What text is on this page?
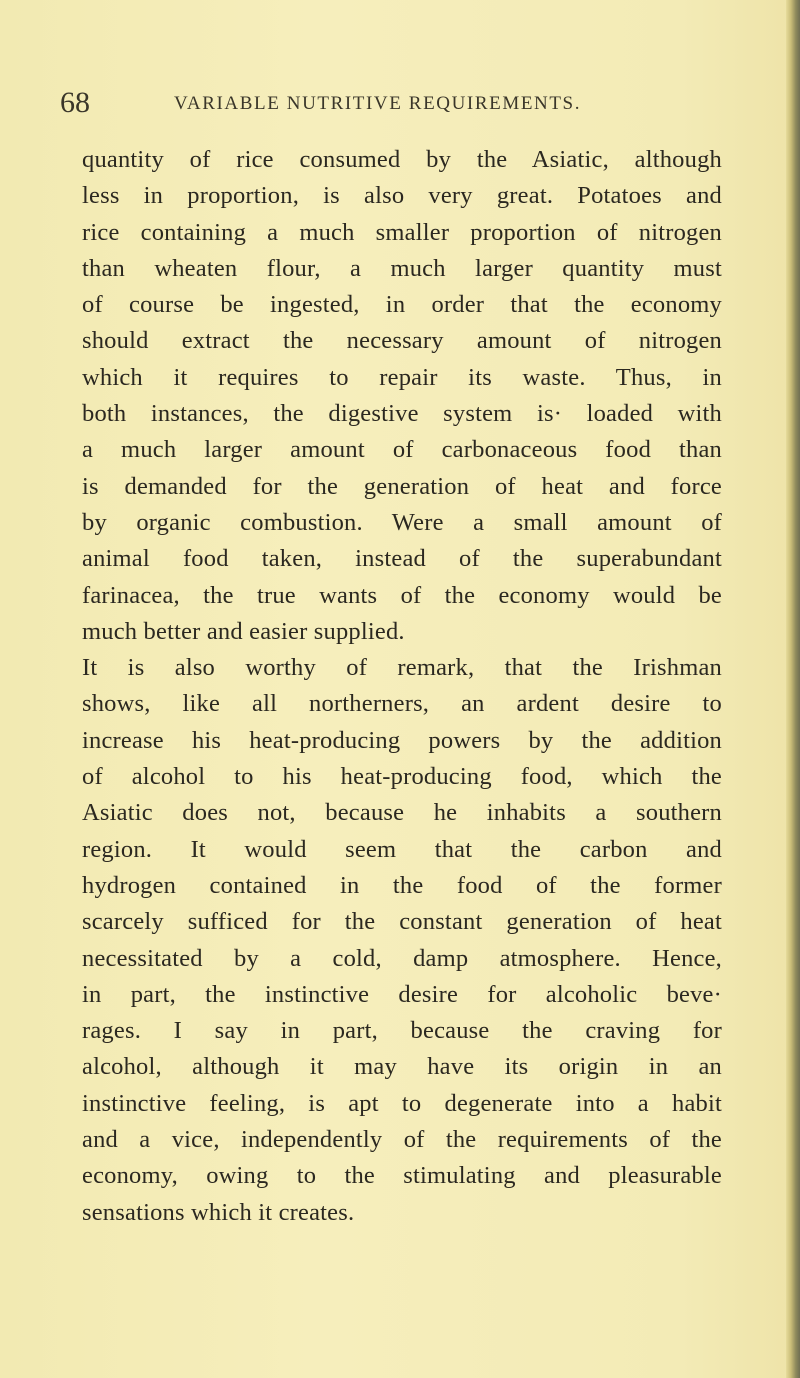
68	VARIABLE NUTRITIVE REQUIREMENTS.
quantity of rice consumed by the Asiatic, although
less in proportion, is also very great. Potatoes and
rice containing a much smaller proportion of nitrogen
than wheaten flour, a much larger quantity must
of course be ingested, in order that the economy
should extract the necessary amount of nitrogen
which it requires to repair its waste. Thus, in
both instances, the digestive system is· loaded with
a much larger amount of carbonaceous food than
is demanded for the generation of heat and force
by organic combustion. Were a small amount of
animal food taken, instead of the superabundant
farinacea, the true wants of the economy would be
much better and easier supplied.
It is also worthy of remark, that the Irishman
shows, like all northerners, an ardent desire to
increase his heat-producing powers by the addition
of alcohol to his heat-producing food, which the
Asiatic does not, because he inhabits a southern
region. It would seem that the carbon and
hydrogen contained in the food of the former
scarcely sufficed for the constant generation of heat
necessitated by a cold, damp atmosphere. Hence,
in part, the instinctive desire for alcoholic beve·
rages. I say in part, because the craving for
alcohol, although it may have its origin in an
instinctive feeling, is apt to degenerate into a habit
and a vice, independently of the requirements of the
economy, owing to the stimulating and pleasurable
sensations which it creates.
